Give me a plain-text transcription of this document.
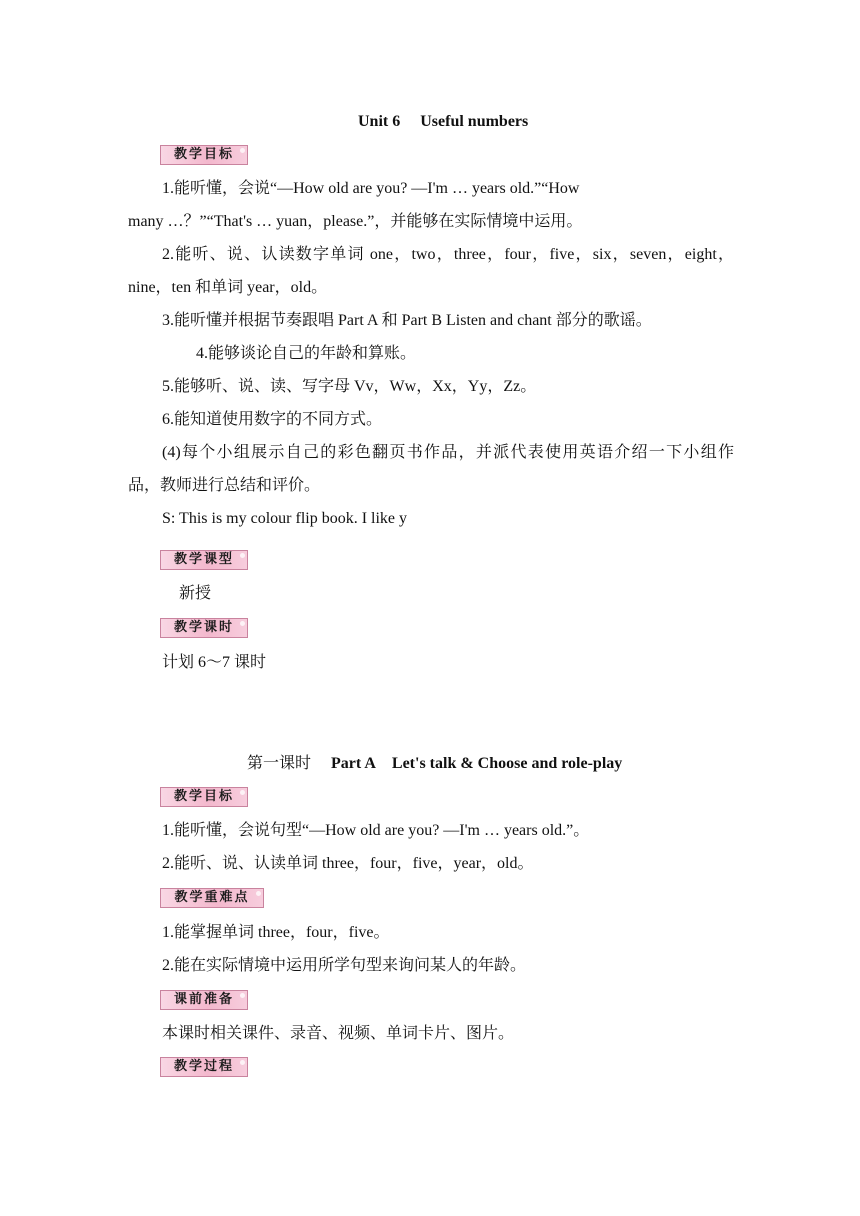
Unit 6 Useful numbers
教学目标
1.能听懂，会说“—How old are you? —I'm … years old.”“How
many …？”“That's … yuan，please.”，并能够在实际情境中运用。
2.能听、说、认读数字单词 one，two，three，four，five，six，seven，eight，
nine，ten 和单词 year，old。
3.能听懂并根据节奏跟唱 Part A 和 Part B Listen and chant 部分的歌谣。
4.能够谈论自己的年龄和算账。
5.能够听、说、读、写字母 Vv，Ww，Xx，Yy，Zz。
6.能知道使用数字的不同方式。
(4)每个小组展示自己的彩色翻页书作品，并派代表使用英语介绍一下小组作
品，教师进行总结和评价。
S: This is my colour flip book. I like y
教学课型
新授
教学课时
计划 6～7 课时
第一课时 Part A Let's talk & Choose and role-play
教学目标
1.能听懂，会说句型“—How old are you? —I'm … years old.”。
2.能听、说、认读单词 three，four，five，year，old。
教学重难点
1.能掌握单词 three，four，five。
2.能在实际情境中运用所学句型来询问某人的年龄。
课前准备
本课时相关课件、录音、视频、单词卡片、图片。
教学过程
